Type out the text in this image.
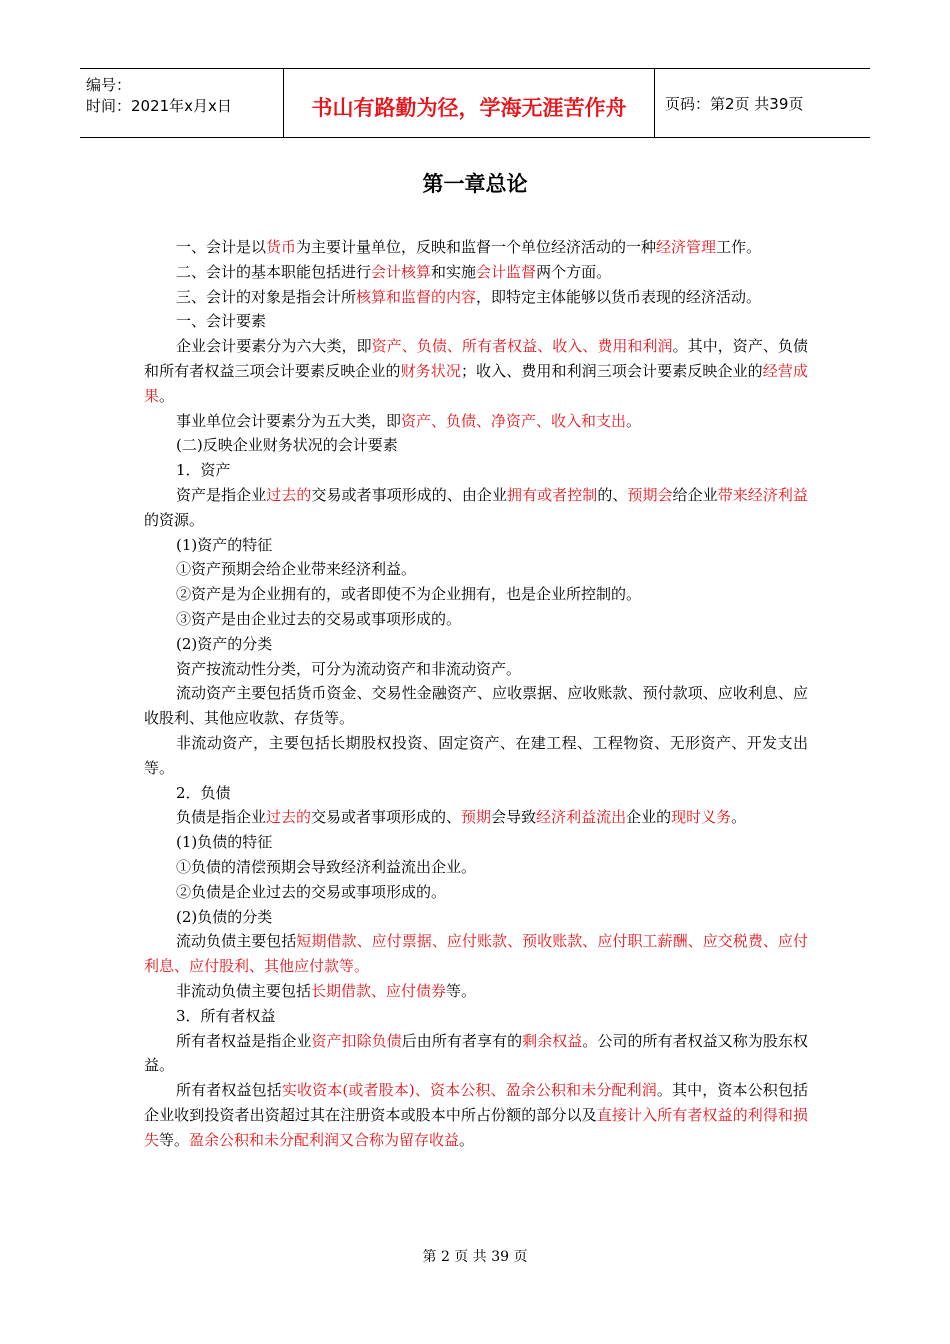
编号：
时间：2021年x月x日	书山有路勤为径，学海无涯苦作舟	页码：第2页 共39页
第一章总论

一、会计是以货币为主要计量单位，反映和监督一个单位经济活动的一种经济管理工作。

二、会计的基本职能包括进行会计核算和实施会计监督两个方面。

三、会计的对象是指会计所核算和监督的内容，即特定主体能够以货币表现的经济活动。

一、会计要素

企业会计要素分为六大类，即资产、负债、所有者权益、收入、费用和利润。其中，资产、负债和所有者权益三项会计要素反映企业的财务状况；收入、费用和利润三项会计要素反映企业的经营成果。

事业单位会计要素分为五大类，即资产、负债、净资产、收入和支出。

(二)反映企业财务状况的会计要素

1．资产

资产是指企业过去的交易或者事项形成的、由企业拥有或者控制的、预期会给企业带来经济利益的资源。

(1)资产的特征

①资产预期会给企业带来经济利益。

②资产是为企业拥有的，或者即使不为企业拥有，也是企业所控制的。

③资产是由企业过去的交易或事项形成的。

(2)资产的分类

资产按流动性分类，可分为流动资产和非流动资产。

流动资产主要包括货币资金、交易性金融资产、应收票据、应收账款、预付款项、应收利息、应收股利、其他应收款、存货等。

非流动资产，主要包括长期股权投资、固定资产、在建工程、工程物资、无形资产、开发支出等。

2．负债

负债是指企业过去的交易或者事项形成的、预期会导致经济利益流出企业的现时义务。

(1)负债的特征

①负债的清偿预期会导致经济利益流出企业。

②负债是企业过去的交易或事项形成的。

(2)负债的分类

流动负债主要包括短期借款、应付票据、应付账款、预收账款、应付职工薪酬、应交税费、应付利息、应付股利、其他应付款等。

非流动负债主要包括长期借款、应付债券等。

3．所有者权益

所有者权益是指企业资产扣除负债后由所有者享有的剩余权益。公司的所有者权益又称为股东权益。

所有者权益包括实收资本(或者股本)、资本公积、盈余公积和未分配利润。其中，资本公积包括企业收到投资者出资超过其在注册资本或股本中所占份额的部分以及直接计入所有者权益的利得和损失等。盈余公积和未分配利润又合称为留存收益。

第 2 页 共 39 页
